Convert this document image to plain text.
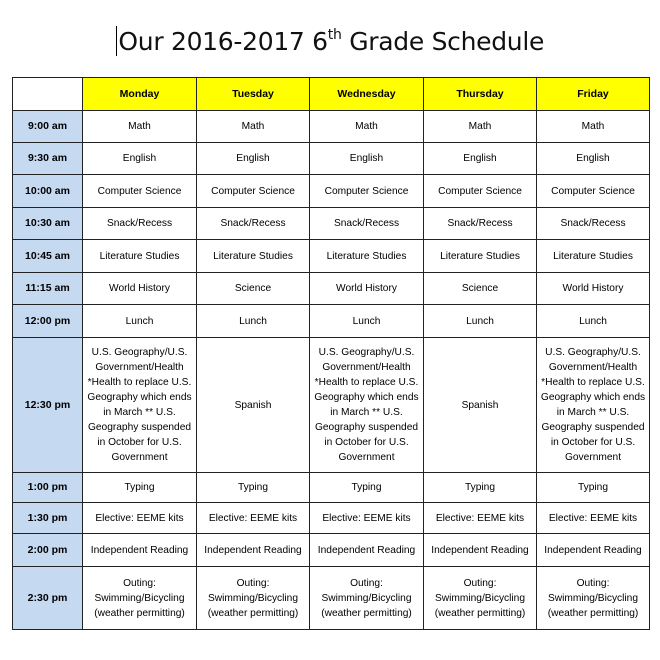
Our 2016-2017 6th Grade Schedule
	Monday	Tuesday	Wednesday	Thursday	Friday
9:00 am	Math	Math	Math	Math	Math
9:30 am	English	English	English	English	English
10:00 am	Computer Science	Computer Science	Computer Science	Computer Science	Computer Science
10:30 am	Snack/Recess	Snack/Recess	Snack/Recess	Snack/Recess	Snack/Recess
10:45 am	Literature Studies	Literature Studies	Literature Studies	Literature Studies	Literature Studies
11:15 am	World History	Science	World History	Science	World History
12:00 pm	Lunch	Lunch	Lunch	Lunch	Lunch
12:30 pm	U.S. Geography/U.S. Government/Health *Health to replace U.S. Geography which ends in March ** U.S. Geography suspended in October for U.S. Government	Spanish	U.S. Geography/U.S. Government/Health *Health to replace U.S. Geography which ends in March ** U.S. Geography suspended in October for U.S. Government	Spanish	U.S. Geography/U.S. Government/Health *Health to replace U.S. Geography which ends in March ** U.S. Geography suspended in October for U.S. Government
1:00 pm	Typing	Typing	Typing	Typing	Typing
1:30 pm	Elective: EEME kits	Elective: EEME kits	Elective: EEME kits	Elective: EEME kits	Elective: EEME kits
2:00 pm	Independent Reading	Independent Reading	Independent Reading	Independent Reading	Independent Reading
2:30 pm	Outing: Swimming/Bicycling (weather permitting)	Outing: Swimming/Bicycling (weather permitting)	Outing: Swimming/Bicycling (weather permitting)	Outing: Swimming/Bicycling (weather permitting)	Outing: Swimming/Bicycling (weather permitting)
